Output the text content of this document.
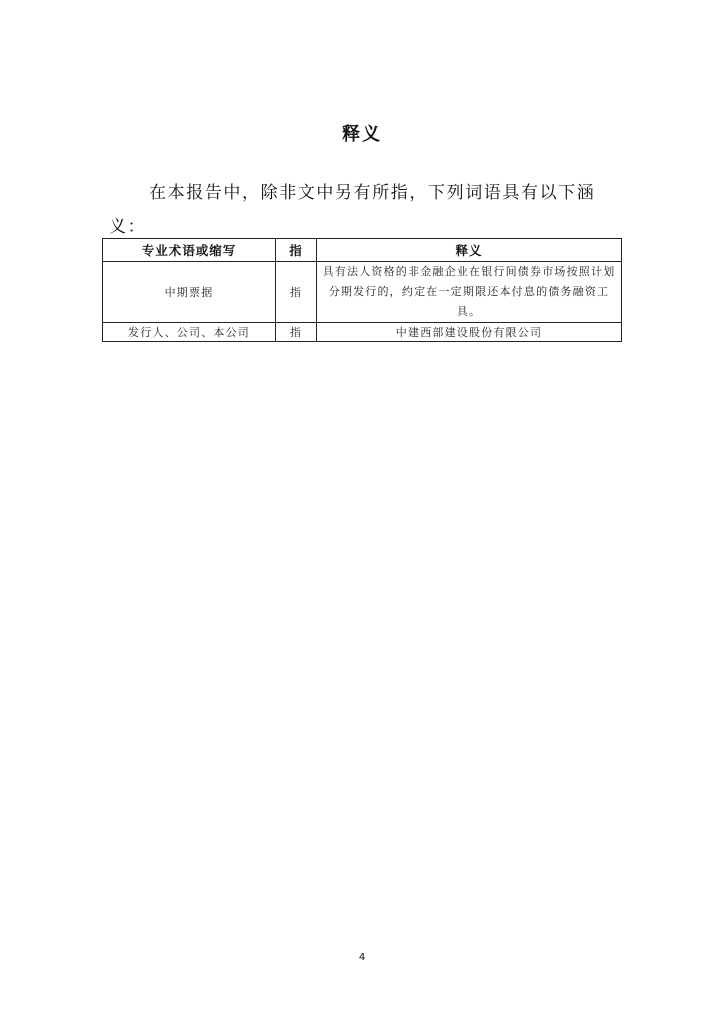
释义

在本报告中，除非文中另有所指，下列词语具有以下涵义：

专业术语或缩写	指	释义
中期票据	指	具有法人资格的非金融企业在银行间债券市场按照计划分期发行的，约定在一定期限还本付息的债务融资工具。
发行人、公司、本公司	指	中建西部建设股份有限公司
4
